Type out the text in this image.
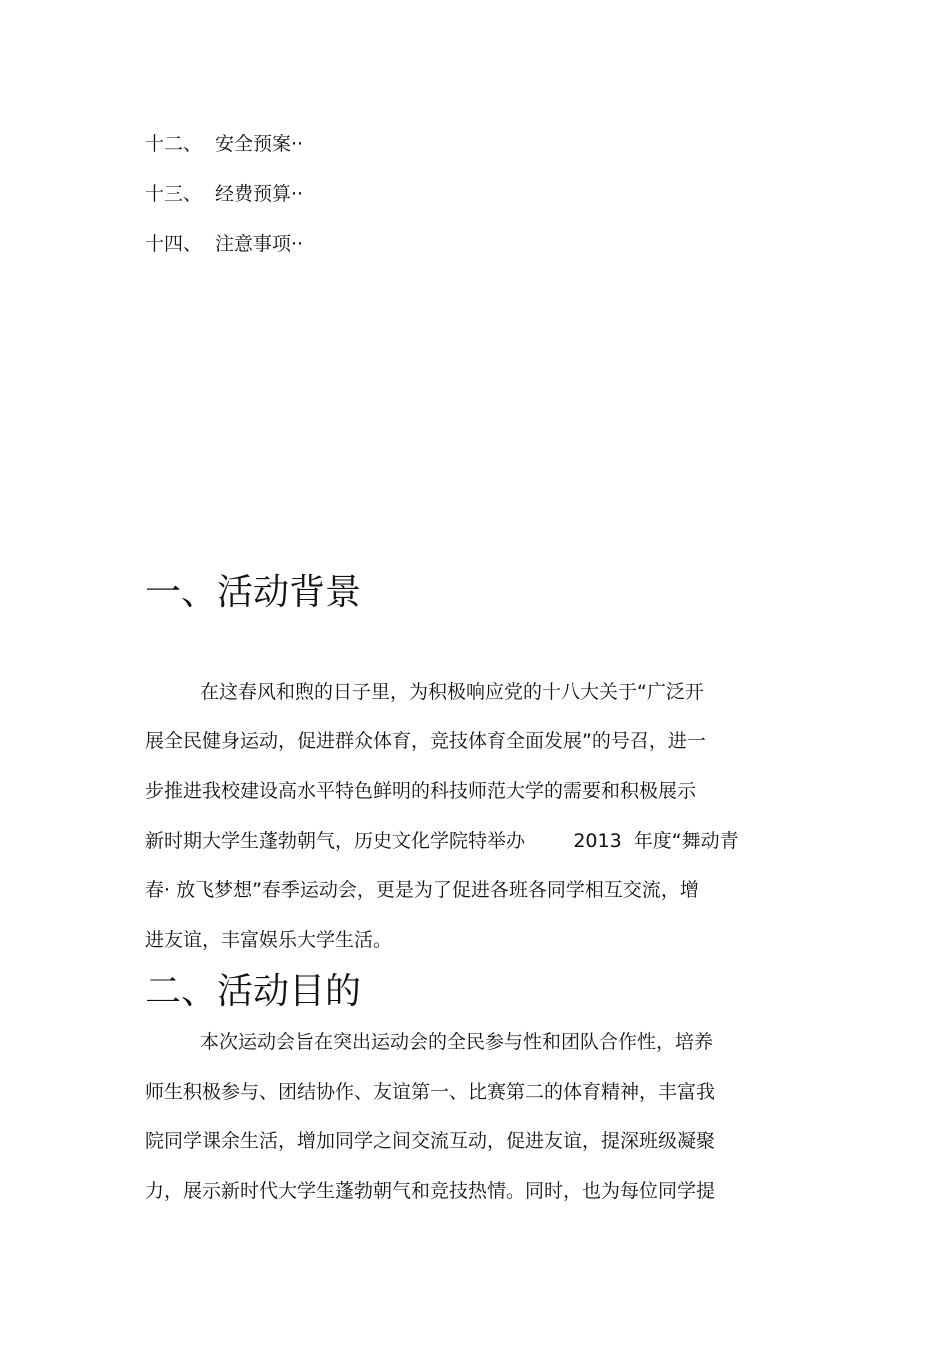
十二、 安全预案··
十三、 经费预算··
十四、 注意事项··
一、活动背景
在这春风和煦的日子里，为积极响应党的十八大关于“广泛开
展全民健身运动，促进群众体育，竞技体育全面发展”的号召，进一
步推进我校建设高水平特色鲜明的科技师范大学的需要和积极展示
新时期大学生蓬勃朝气，历史文化学院特举办        2013  年度“舞动青
春· 放飞梦想”春季运动会，更是为了促进各班各同学相互交流，增
进友谊，丰富娱乐大学生活。
二、活动目的
本次运动会旨在突出运动会的全民参与性和团队合作性，培养
师生积极参与、团结协作、友谊第一、比赛第二的体育精神，丰富我
院同学课余生活，增加同学之间交流互动，促进友谊，提深班级凝聚
力，展示新时代大学生蓬勃朝气和竞技热情。同时，也为每位同学提
